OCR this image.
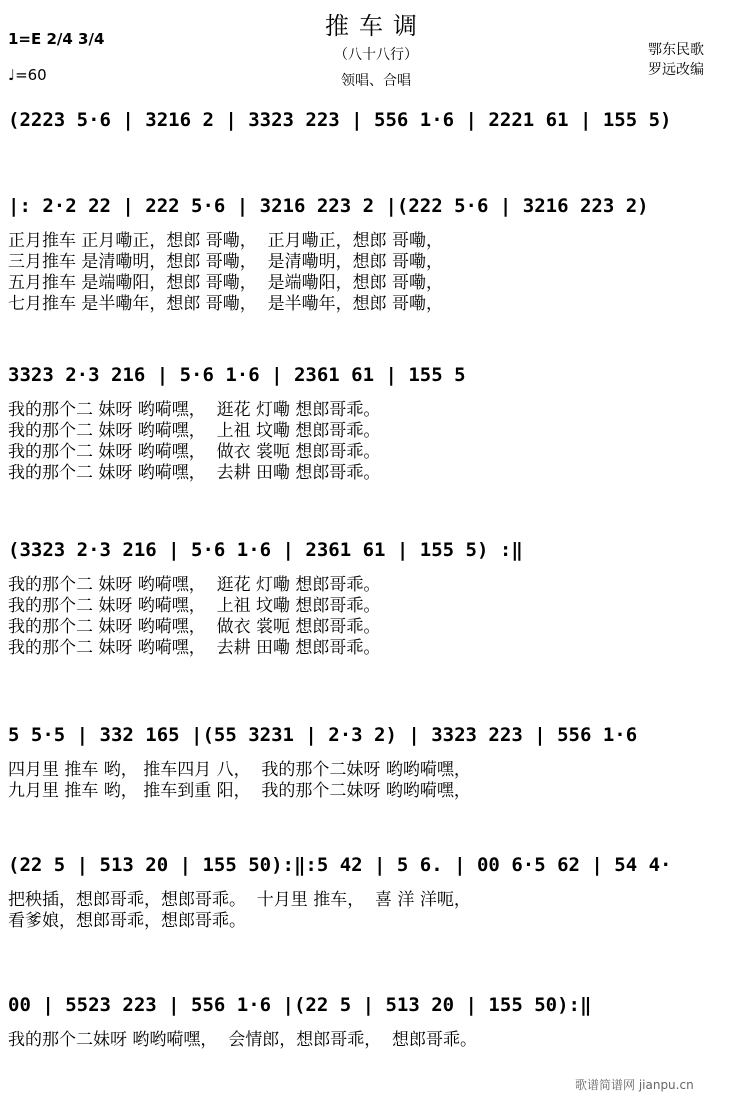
推车调
（八十八行）
领唱、合唱
1=E 2/4 3/4
♩=60
鄂东民歌
罗远改编
(2223 5·6 | 3216 2 | 3323 223 | 556 1·6 | 2221 61 | 155 5)
|: 2·2 22 | 222 5·6 | 3216 223 2 |(222 5·6 | 3216 223 2)
正月推车 正月嘞正，想郎 哥嘞，  正月嘞正，想郎 哥嘞，
三月推车 是清嘞明，想郎 哥嘞，  是清嘞明，想郎 哥嘞，
五月推车 是端嘞阳，想郎 哥嘞，  是端嘞阳，想郎 哥嘞，
七月推车 是半嘞年，想郎 哥嘞，  是半嘞年，想郎 哥嘞，
3323 2·3 216 | 5·6 1·6 | 2361 61 | 155 5
我的那个二 妹呀 哟嗬嘿，  逛花 灯嘞 想郎哥乖。
我的那个二 妹呀 哟嗬嘿，  上祖 坟嘞 想郎哥乖。
我的那个二 妹呀 哟嗬嘿，  做衣 裳呃 想郎哥乖。
我的那个二 妹呀 哟嗬嘿，  去耕 田嘞 想郎哥乖。
(3323 2·3 216 | 5·6 1·6 | 2361 61 | 155 5) :‖
我的那个二 妹呀 哟嗬嘿，  逛花 灯嘞 想郎哥乖。
我的那个二 妹呀 哟嗬嘿，  上祖 坟嘞 想郎哥乖。
我的那个二 妹呀 哟嗬嘿，  做衣 裳呃 想郎哥乖。
我的那个二 妹呀 哟嗬嘿，  去耕 田嘞 想郎哥乖。
5 5·5 | 332 165 |(55 3231 | 2·3 2) | 3323 223 | 556 1·6
四月里 推车 哟， 推车四月 八，  我的那个二妹呀 哟哟嗬嘿，
九月里 推车 哟， 推车到重 阳，  我的那个二妹呀 哟哟嗬嘿，
(22 5 | 513 20 | 155 50):‖:5 42 | 5 6. | 00 6·5 62 | 54 4·
把秧插，想郎哥乖，想郎哥乖。  十月里 推车，  喜 洋 洋呃，
看爹娘，想郎哥乖，想郎哥乖。
00 | 5523 223 | 556 1·6 |(22 5 | 513 20 | 155 50):‖
我的那个二妹呀 哟哟嗬嘿，  会情郎，想郎哥乖，  想郎哥乖。
歌谱简谱网 jianpu.cn
